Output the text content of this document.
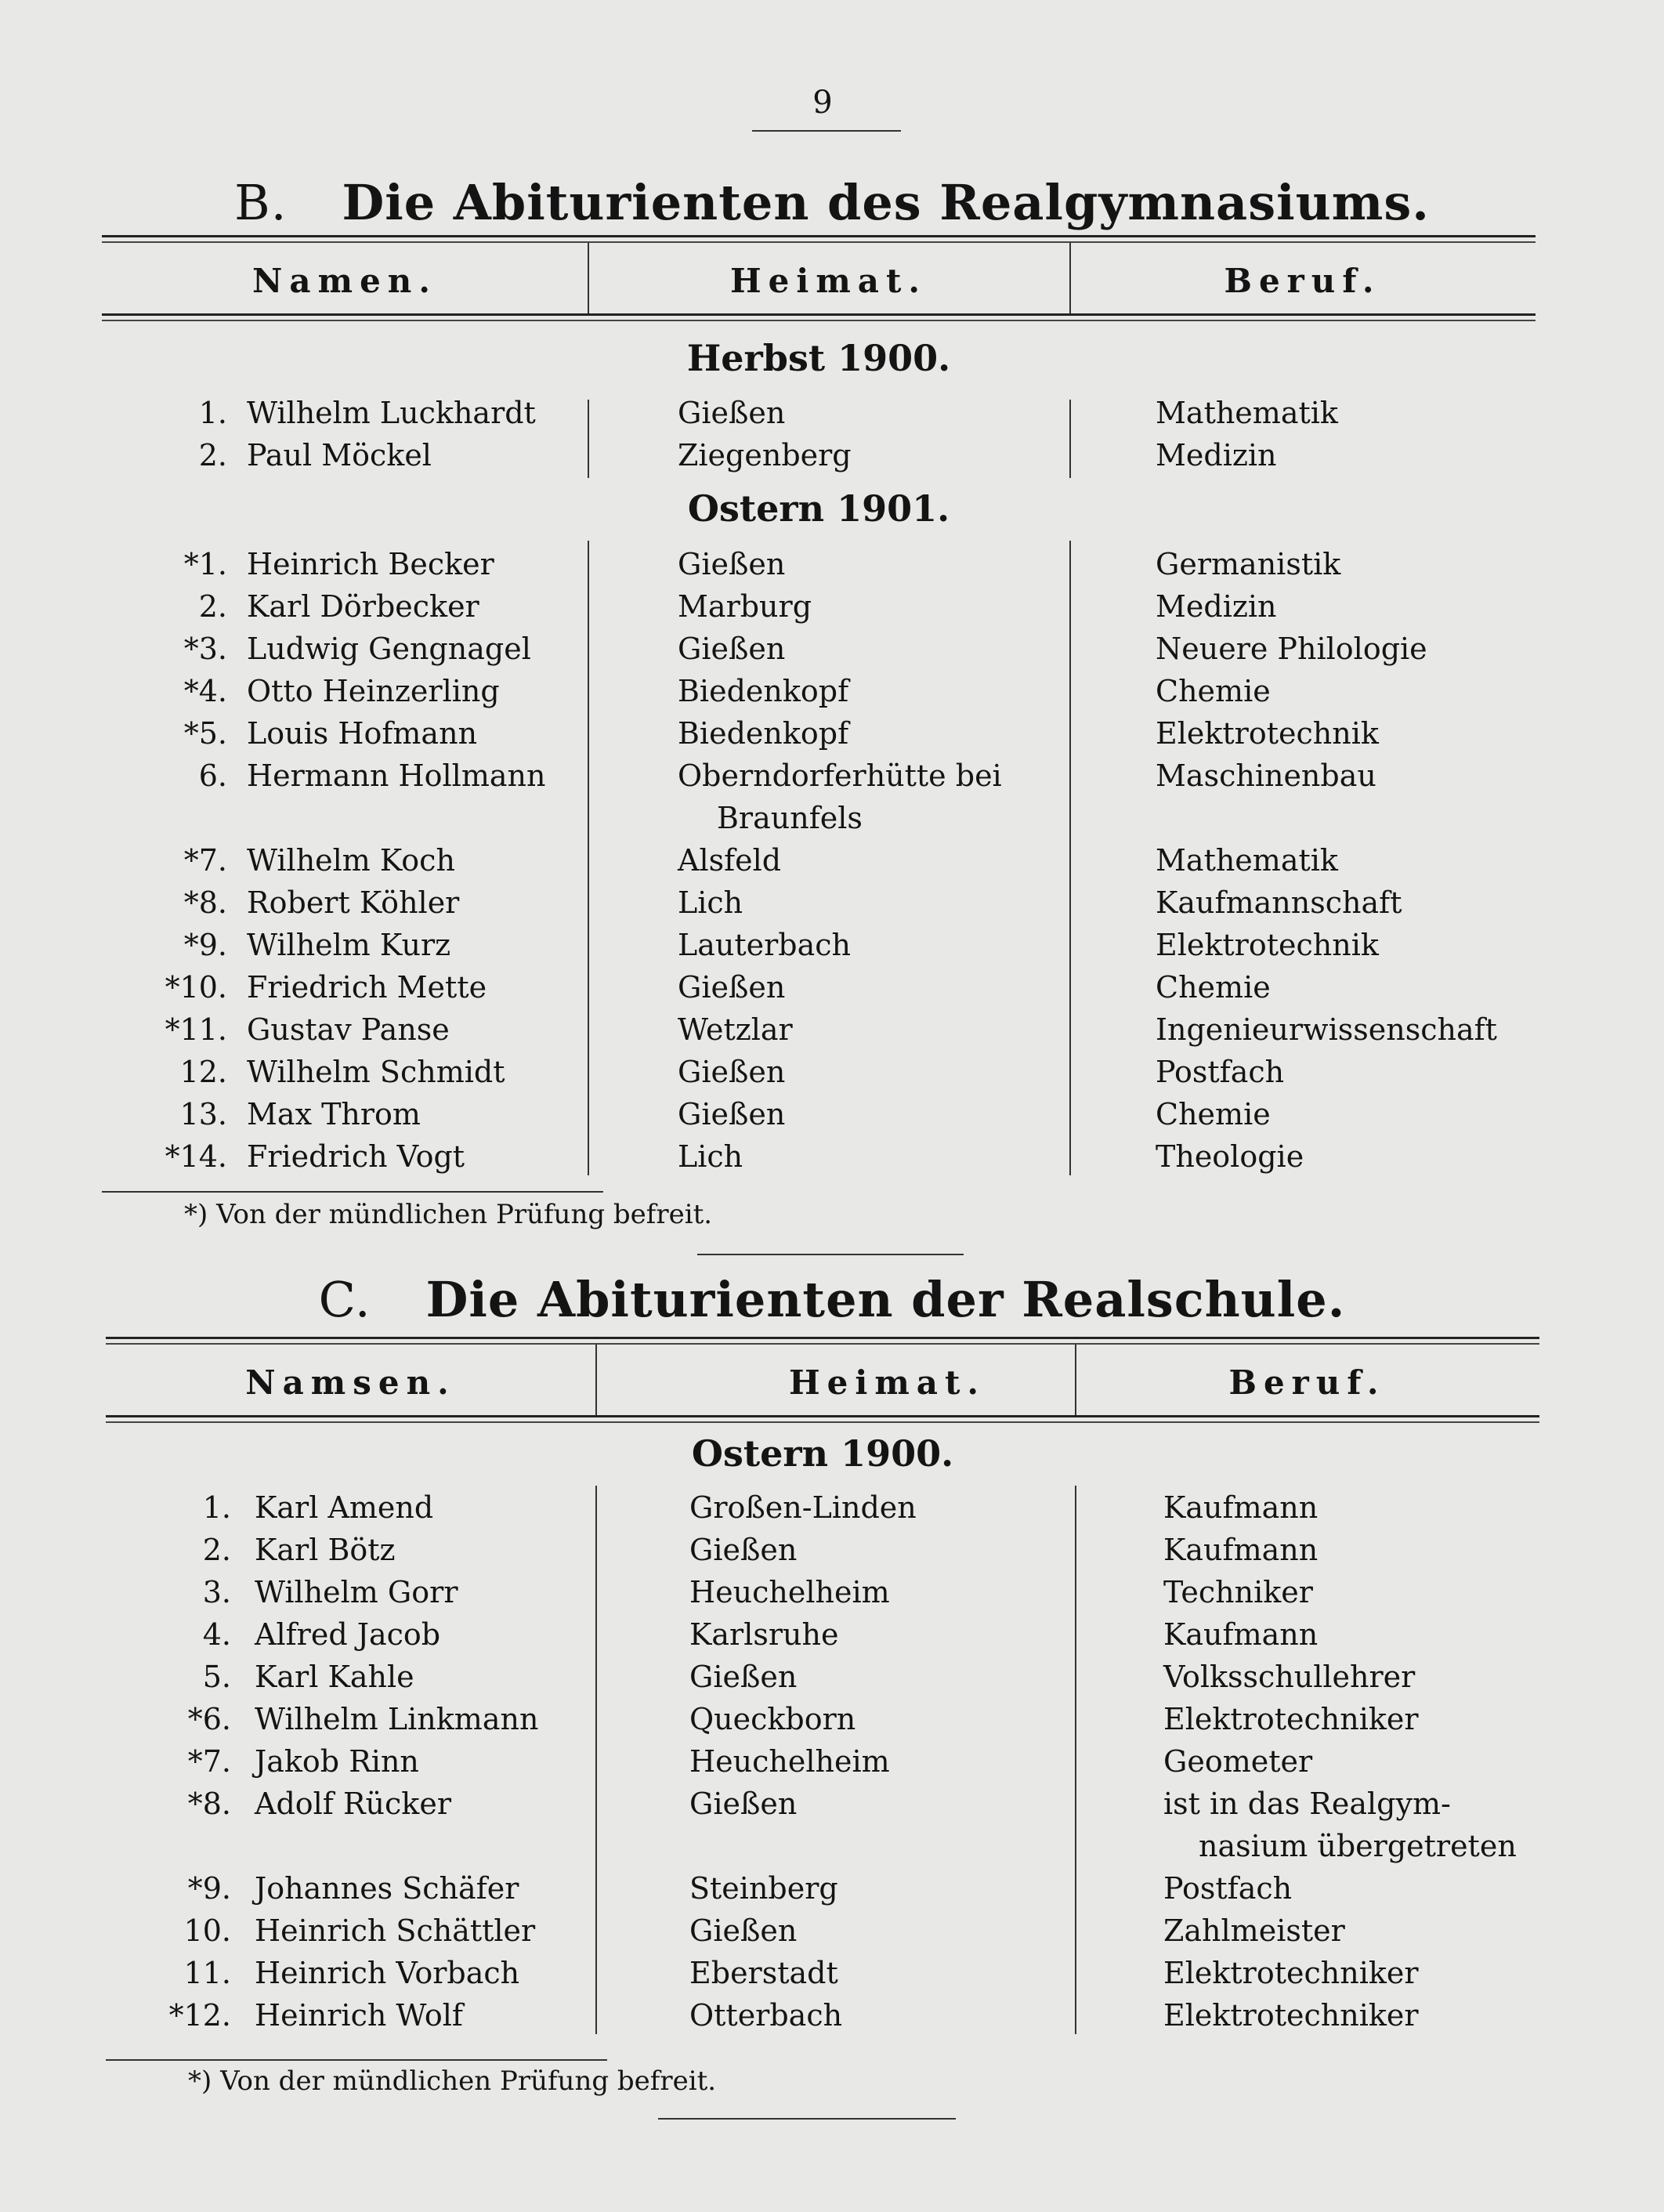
9
B. Die Abiturienten des Realgymnasiums.
Namen.	Heimat.	Beruf.
Herbst 1900.
1. Wilhelm Luckhardt	Gießen	Mathematik
2. Paul Möckel	Ziegenberg	Medizin
Ostern 1901.
*1. Heinrich Becker	Gießen	Germanistik
2. Karl Dörbecker	Marburg	Medizin
*3. Ludwig Gengnagel	Gießen	Neuere Philologie
*4. Otto Heinzerling	Biedenkopf	Chemie
*5. Louis Hofmann	Biedenkopf	Elektrotechnik
6. Hermann Hollmann	Oberndorferhütte bei	Maschinenbau
Braunfels
*7. Wilhelm Koch	Alsfeld	Mathematik
*8. Robert Köhler	Lich	Kaufmannschaft
*9. Wilhelm Kurz	Lauterbach	Elektrotechnik
*10. Friedrich Mette	Gießen	Chemie
*11. Gustav Panse	Wetzlar	Ingenieurwissenschaft
12. Wilhelm Schmidt	Gießen	Postfach
13. Max Throm	Gießen	Chemie
*14. Friedrich Vogt	Lich	Theologie
*) Von der mündlichen Prüfung befreit.
C. Die Abiturienten der Realschule.
Namsen.	Heimat.	Beruf.
Ostern 1900.
1. Karl Amend	Großen-Linden	Kaufmann
2. Karl Bötz	Gießen	Kaufmann
3. Wilhelm Gorr	Heuchelheim	Techniker
4. Alfred Jacob	Karlsruhe	Kaufmann
5. Karl Kahle	Gießen	Volksschullehrer
*6. Wilhelm Linkmann	Queckborn	Elektrotechniker
*7. Jakob Rinn	Heuchelheim	Geometer
*8. Adolf Rücker	Gießen	ist in das Realgym-
nasium übergetreten
*9. Johannes Schäfer	Steinberg	Postfach
10. Heinrich Schättler	Gießen	Zahlmeister
11. Heinrich Vorbach	Eberstadt	Elektrotechniker
*12. Heinrich Wolf	Otterbach	Elektrotechniker
*) Von der mündlichen Prüfung befreit.
